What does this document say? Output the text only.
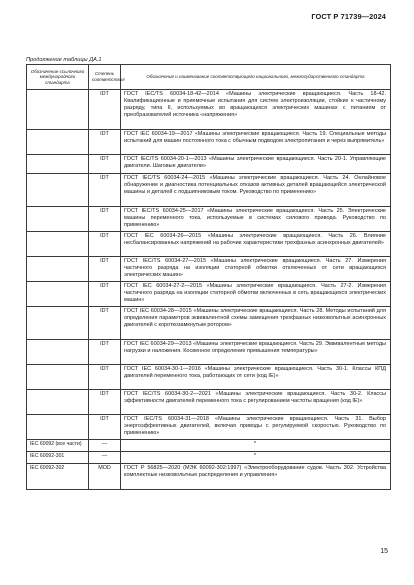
ГОСТ Р 71739—2024
Продолжение таблицы ДА.1
Обозначение ссылочного международного стандарта	Степень соответствия	Обозначение и наименование соответствующего национального, межгосударственного стандарта
	IDT	ГОСТ IEC/TS 60034-18-42—2014 «Машины электрические вращающиеся. Часть 18-42. Квалификационные и приемочные испытания для систем электроизоляции, стойких к частичному разряду, типа II, используемых во вращающихся электрических машинах с питанием от преобразователей источника «напряжения»
	IDT	ГОСТ IEC 60034-19—2017 «Машины электрические вращающиеся. Часть 19. Специальные методы испытаний для машин постоянного тока с обычным подводом электропитания и через выпрямитель»
	IDT	ГОСТ IEC/TS 60034-20-1—2013 «Машины электрические вращающиеся. Часть 20-1. Управляющие двигатели. Шаговые двигатели»
	IDT	ГОСТ IEC/TS 60034-24—2015 «Машины электрические вращающиеся. Часть 24. Онлайновое обнаружение и диагностика потенциальных отказов активных деталей вращающейся электрической машины и деталей с подшипниковым током. Руководство по применению»
	IDT	ГОСТ IEC/TS 60034-25—2017 «Машины электрические вращающиеся. Часть 25. Электрические машины переменного тока, используемые в системах силового привода. Руководство по применению»
	IDT	ГОСТ IEC 60034-26—2015 «Машины электрические вращающиеся. Часть 26. Влияние несбалансированных напряжений на рабочие характеристики трехфазных асинхронных двигателей»
	IDT	ГОСТ IEC/TS 60034-27—2015 «Машины электрические вращающиеся. Часть 27. Измерения частичного разряда на изоляции статорной обмотки отключенных от сети вращающихся электрических машин»
	IDT	ГОСТ IEC 60034-27-2—2015 «Машины электрические вращающиеся. Часть 27-2. Измерения частичного разряда на изоляции статорной обмотки включенных в сеть вращающихся электрических машин»
	IDT	ГОСТ IEC 60034-28—2015 «Машины электрические вращающиеся. Часть 28. Методы испытаний для определения параметров эквивалентной схемы замещения трехфазных низковольтных асинхронных двигателей с короткозамкнутым ротором»
	IDT	ГОСТ IEC 60034-29—2013 «Машины электрические вращающиеся. Часть 29. Эквивалентные методы нагрузки и наложения. Косвенное определение превышения температуры»
	IDT	ГОСТ IEC 60034-30-1—2016 «Машины электрические вращающиеся. Часть 30-1. Классы КПД двигателей переменного тока, работающих от сети (код IE)»
	IDT	ГОСТ IEC/TS 60034-30-2—2021 «Машины электрические вращающиеся. Часть 30-2. Классы эффективности двигателей переменного тока с регулированием частоты вращения (код IE)»
	IDT	ГОСТ IEC/TS 60034-31—2018 «Машины электрические вращающиеся. Часть 31. Выбор энергоэффективных двигателей, включая приводы с регулируемой скоростью. Руководство по применению»
IEC 60092 (все части)	—	*
IEC 60092-301	—	*
IEC 60092-302	MOD	ГОСТ Р 56825—2020 (МЭК 60092-302:1997) «Электрооборудование судов. Часть 302. Устройства комплектные низковольтные распределения и управления»
15
